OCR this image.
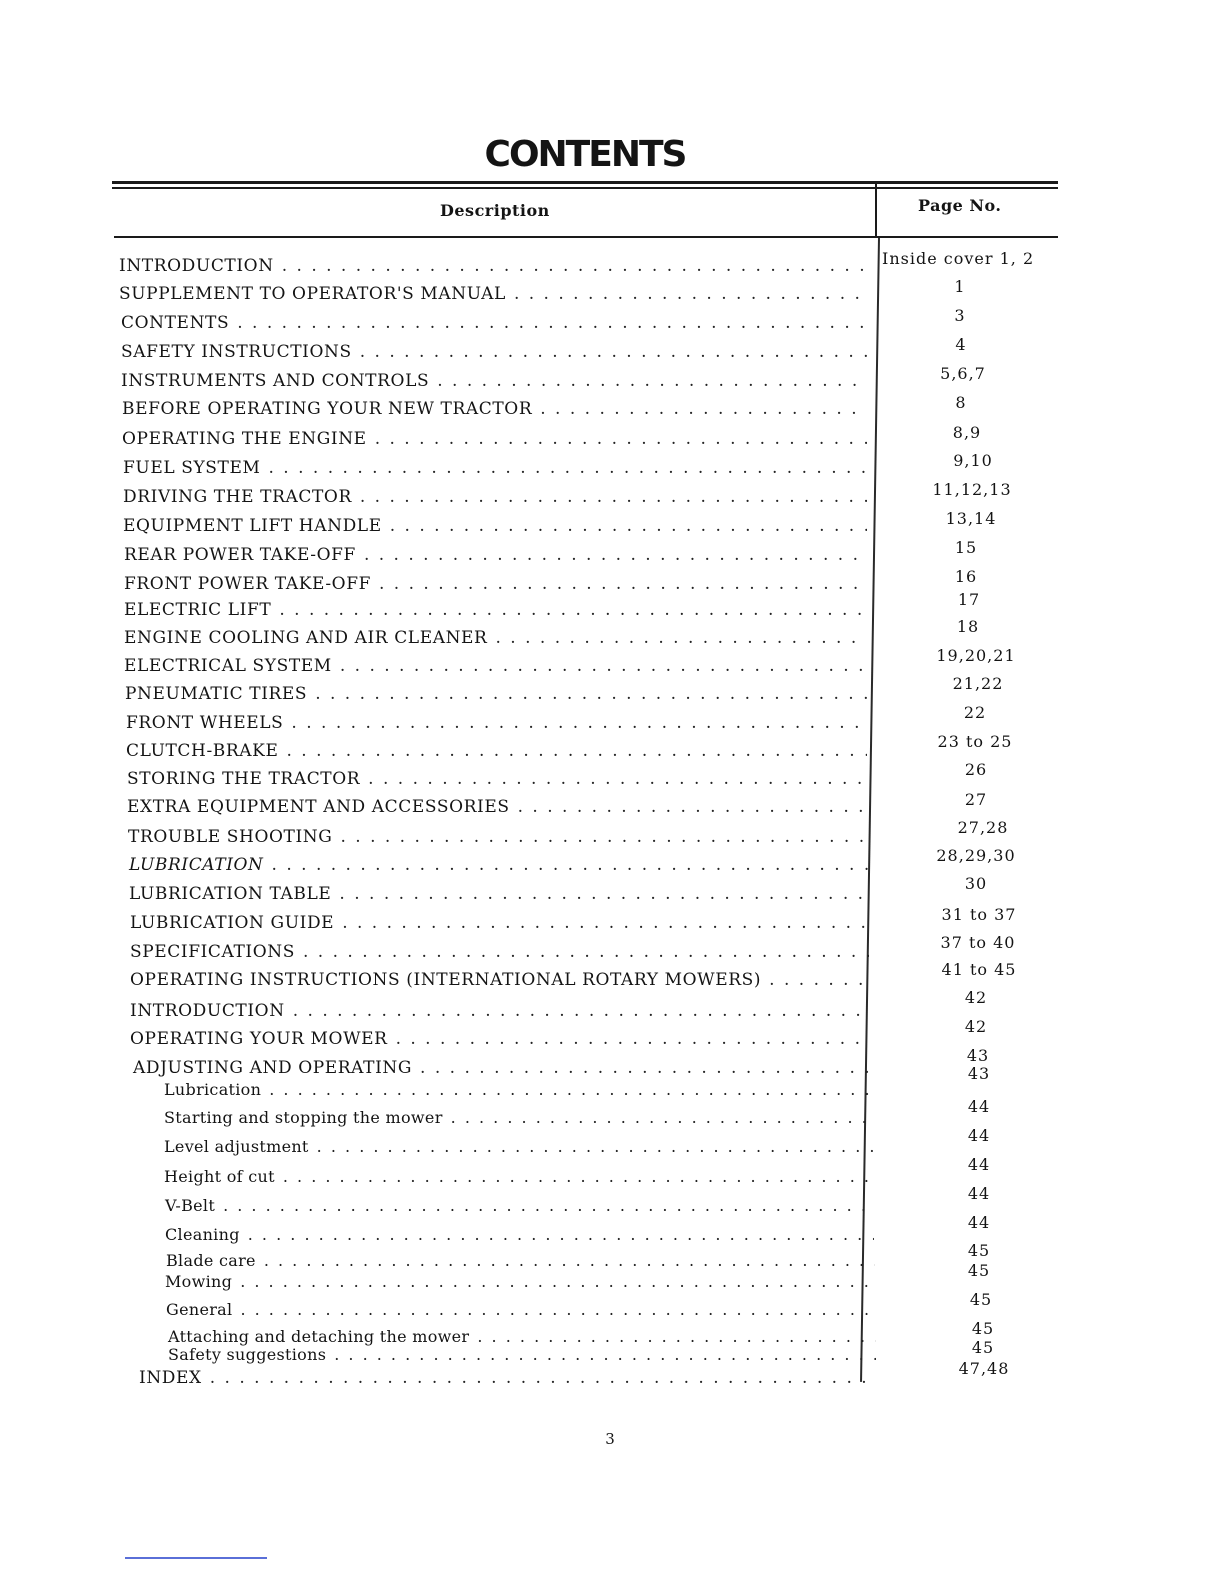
CONTENTS
Description	Page No.
INTRODUCTION
. . .
SUPPLEMENT TO OPERATOR'S MANUAL
. . .
CONTENTS
. . .
SAFETY INSTRUCTIONS
. . .
INSTRUMENTS AND CONTROLS
. . .
BEFORE OPERATING YOUR NEW TRACTOR
. . .
OPERATING THE ENGINE
. . .
FUEL SYSTEM
. . .
DRIVING THE TRACTOR
. . .
EQUIPMENT LIFT HANDLE
. . .
REAR POWER TAKE-OFF
. . .
FRONT POWER TAKE-OFF
. . .
ELECTRIC LIFT
. . .
ENGINE COOLING AND AIR CLEANER
. . .
ELECTRICAL SYSTEM
. . .
PNEUMATIC TIRES
. . .
FRONT WHEELS
. . .
CLUTCH-BRAKE
. . .
STORING THE TRACTOR
. . .
EXTRA EQUIPMENT AND ACCESSORIES
. . .
TROUBLE SHOOTING
. . .
LUBRICATION
. . .
LUBRICATION TABLE
. . .
LUBRICATION GUIDE
. . .
SPECIFICATIONS
. . .
OPERATING INSTRUCTIONS (INTERNATIONAL ROTARY MOWERS)
. . .
INTRODUCTION
. . .
OPERATING YOUR MOWER
. . .
ADJUSTING AND OPERATING
. . .
Lubrication
. . .
Starting and stopping the mower
. . .
Level adjustment
. . .
Height of cut
. . .
V-Belt
. . .
Cleaning
. . .
Blade care
. . .
Mowing
. . .
General
. . .
Attaching and detaching the mower
. . .
Safety suggestions
. . .
INDEX
. . .
Inside cover 1, 2
1
3
4
5,6,7
8
8,9
9,10
11,12,13
13,14
15
16
17
18
19,20,21
21,22
22
23 to 25
26
27
27,28
28,29,30
30
31 to 37
37 to 40
41 to 45
42
42
43
43
44
44
44
44
44
45
45
45
45
45
47,48
3
